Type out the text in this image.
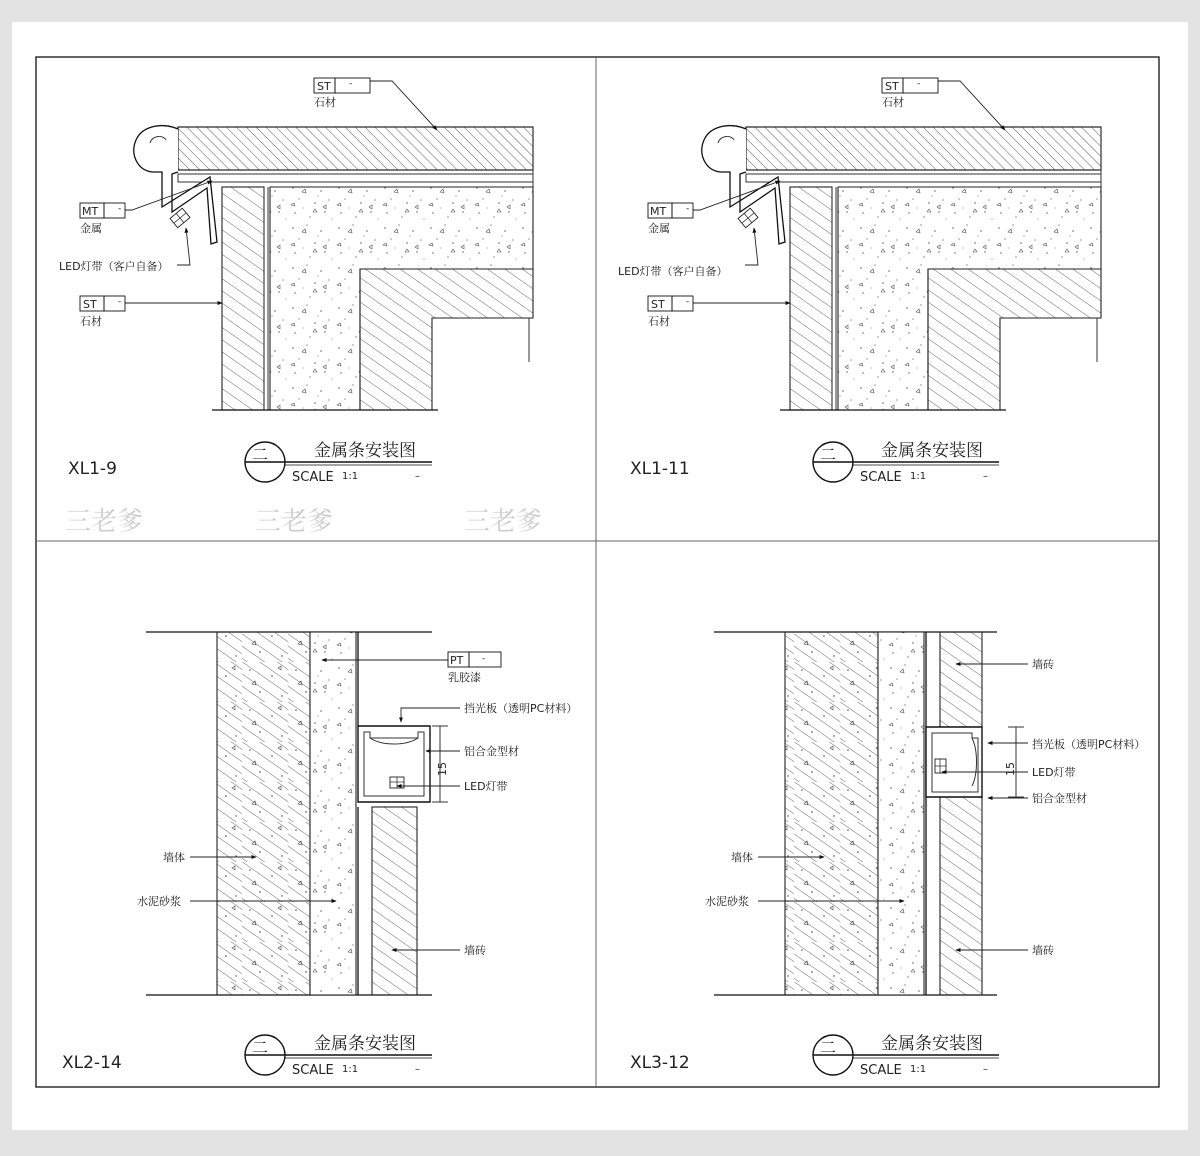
三老爹	三老爹	三老爹
ST -
石材
MT -
金属
LED灯带（客户自备）
ST -
石材
ST -
石材
MT -
金属
LED灯带（客户自备）
ST -
石材
15
PT -
乳胶漆
挡光板（透明PC材料）
铝合金型材
LED灯带
墙体
水泥砂浆
墙砖
15
墙砖
挡光板（透明PC材料）
LED灯带
铝合金型材
墙体
水泥砂浆
墙砖
XL1-9
二	金属条安装图
SCALE 1:1	–	XL1-11
二	金属条安装图
SCALE 1:1	–
XL2-14
二	金属条安装图
SCALE 1:1	–	XL3-12
二	金属条安装图
SCALE 1:1	–
